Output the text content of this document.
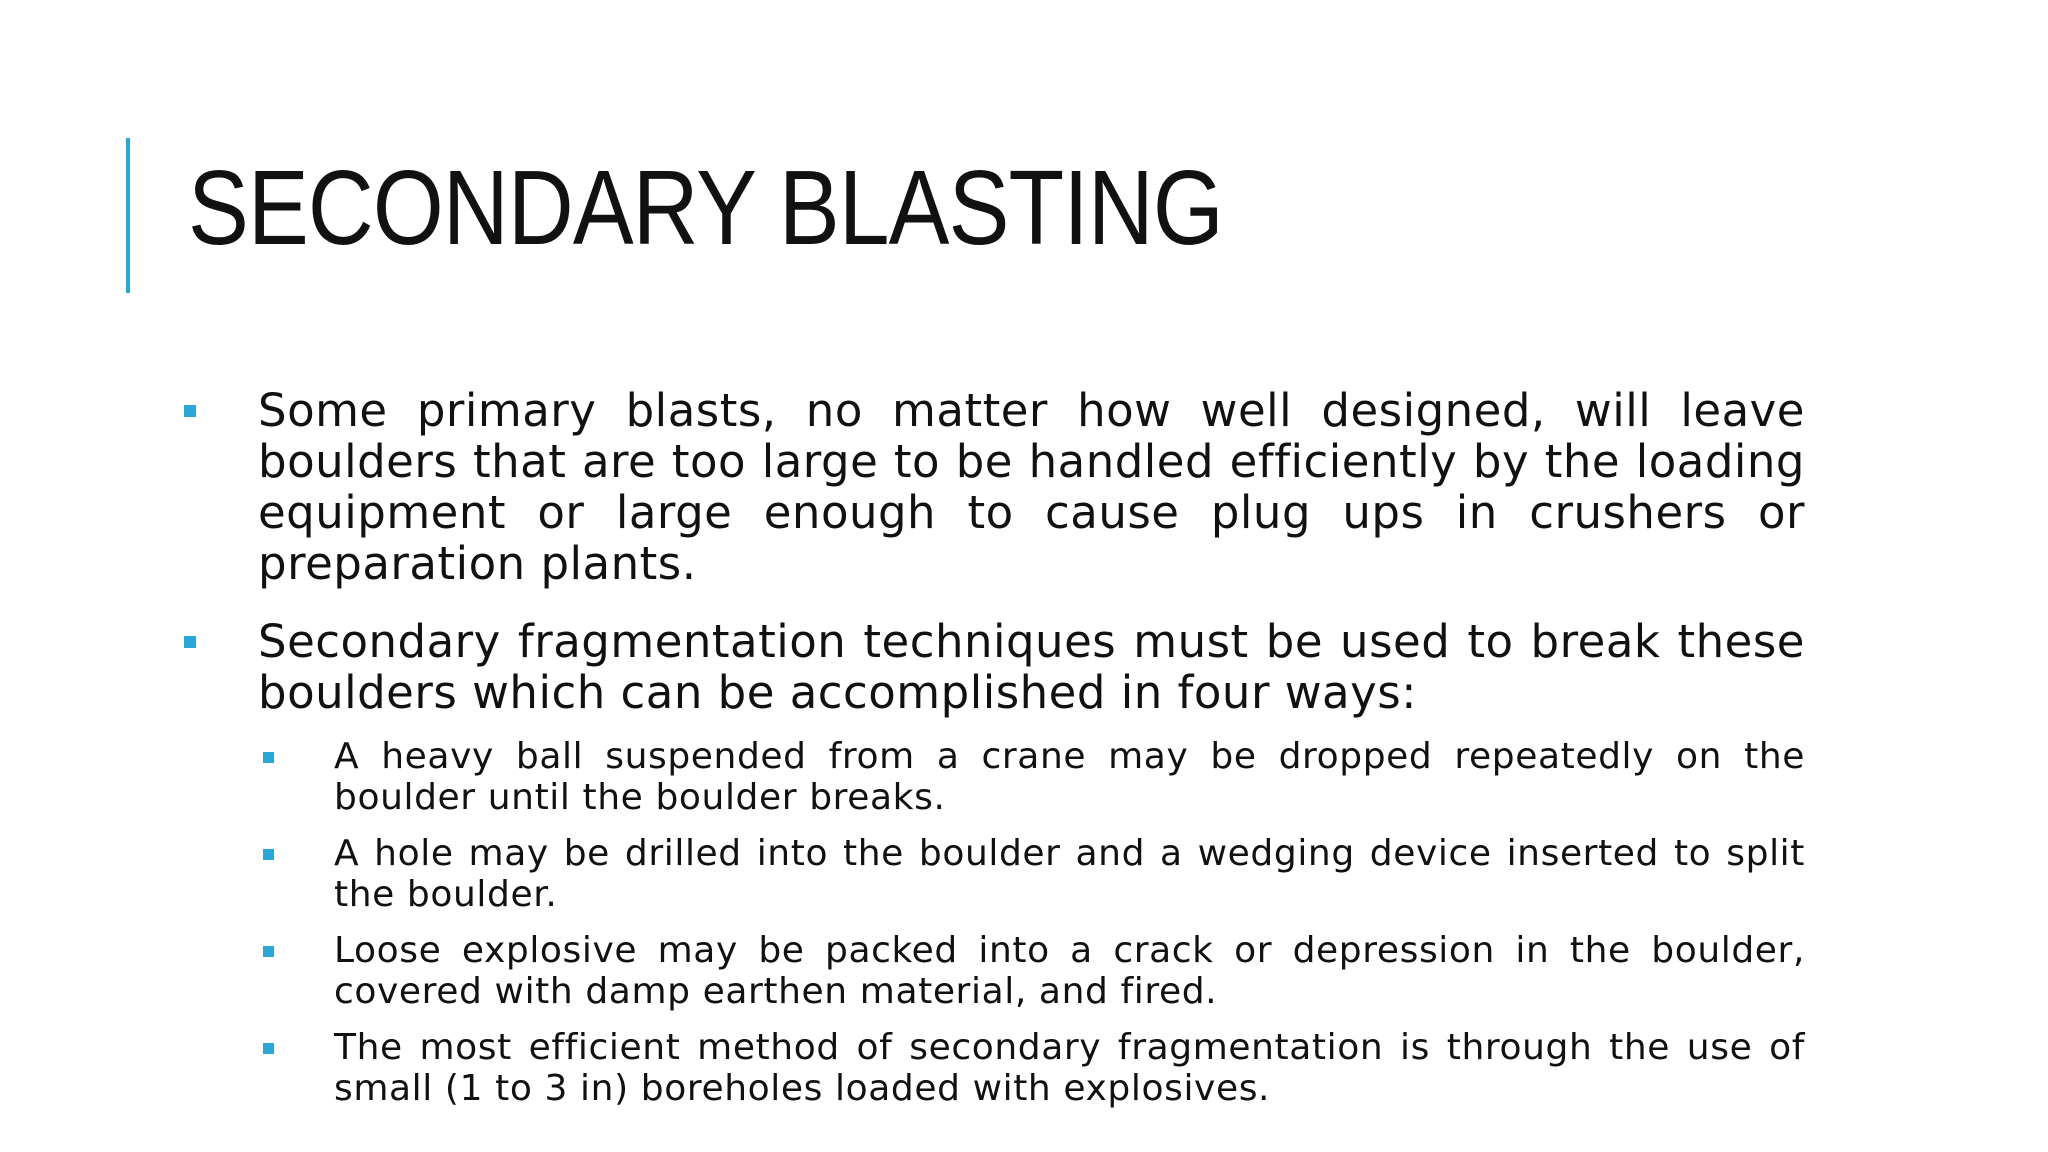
SECONDARY BLASTING
Some primary blasts, no matter how well designed, will leave boulders that are too large to be handled efficiently by the loading equipment or large enough to cause plug ups in crushers or preparation plants.
Secondary fragmentation techniques must be used to break these boulders which can be accomplished in four ways:
A heavy ball suspended from a crane may be dropped repeatedly on the boulder until the boulder breaks.
A hole may be drilled into the boulder and a wedging device inserted to split the boulder.
Loose explosive may be packed into a crack or depression in the boulder, covered with damp earthen material, and fired.
The most efficient method of secondary fragmentation is through the use of small (1 to 3 in) boreholes loaded with explosives.
